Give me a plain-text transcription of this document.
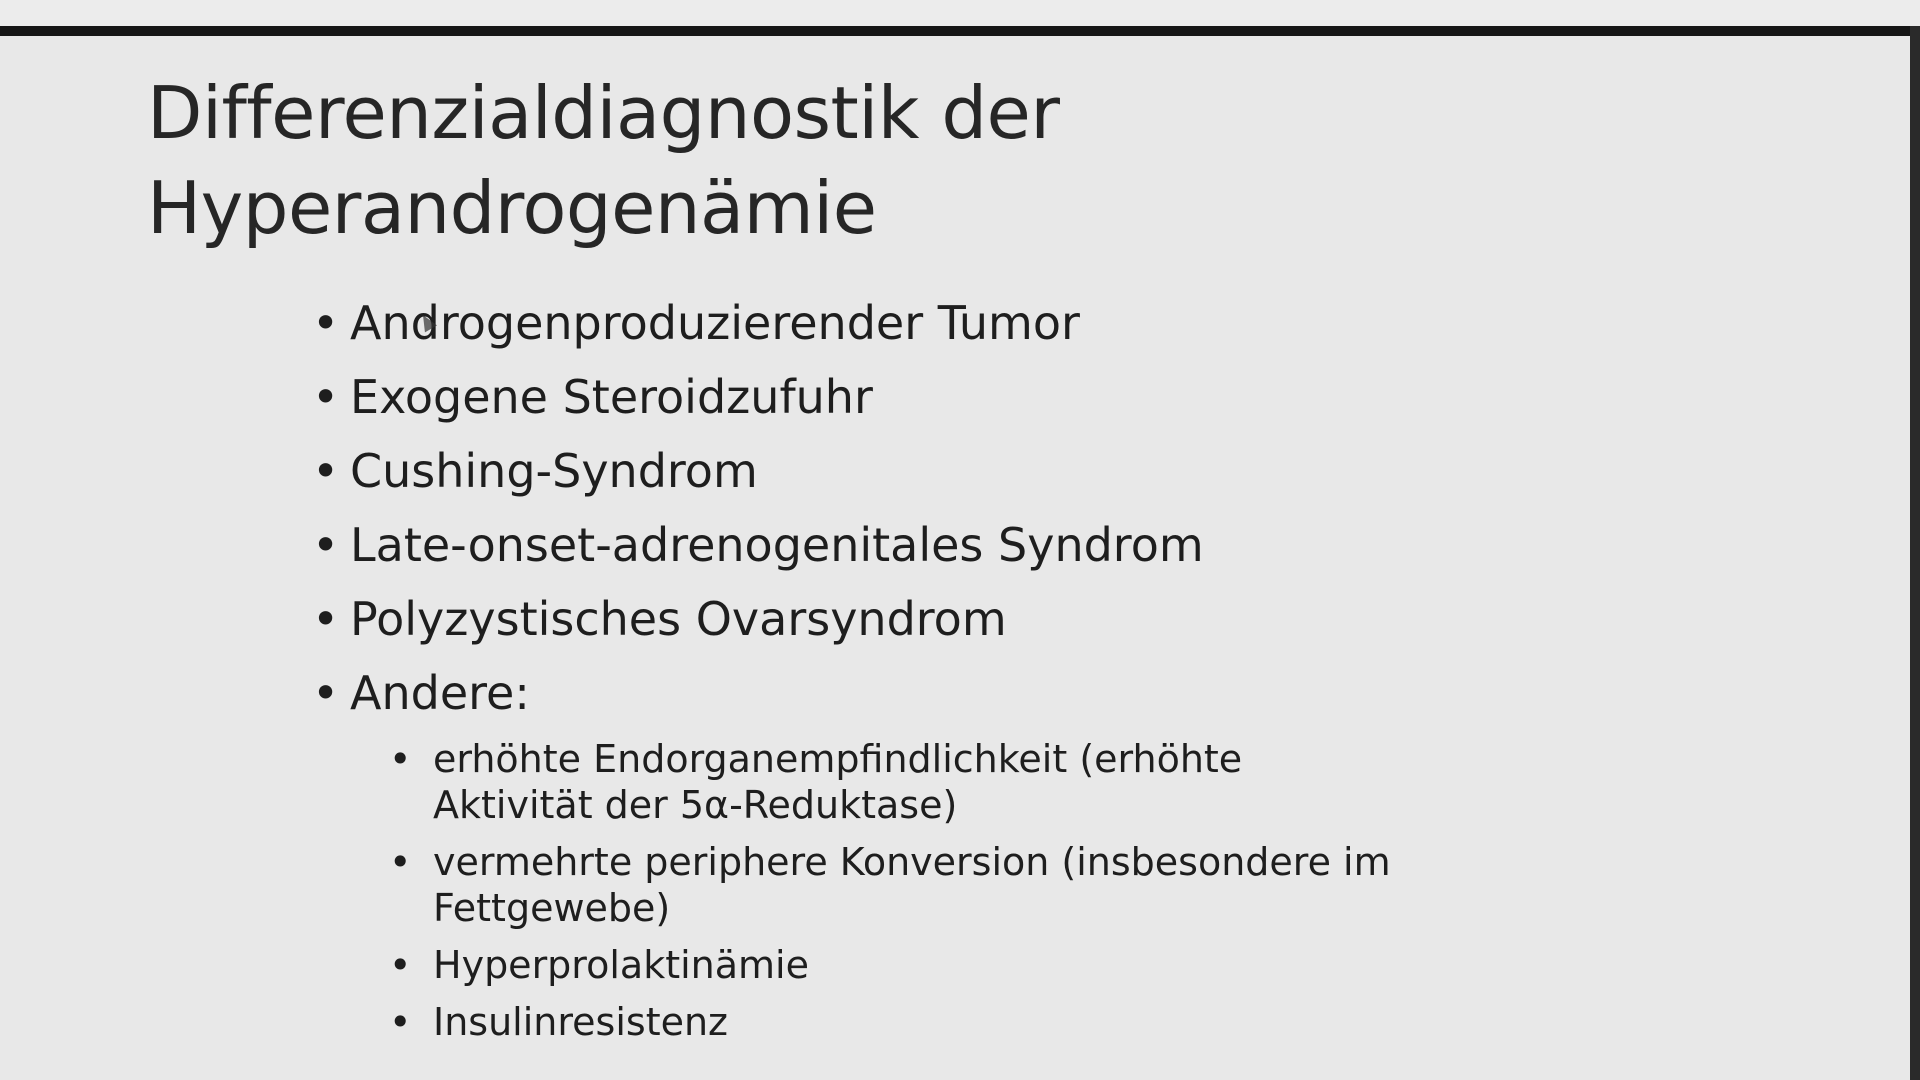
Differenzialdiagnostik der
Hyperandrogenämie
• Androgenproduzierender Tumor
• Exogene Steroidzufuhr
• Cushing-Syndrom
• Late-onset-adrenogenitales Syndrom
• Polyzystisches Ovarsyndrom
• Andere:
• erhöhte Endorganempfindlichkeit (erhöhte
Aktivität der 5α-Reduktase)
• vermehrte periphere Konversion (insbesondere im
Fettgewebe)
• Hyperprolaktinämie
• Insulinresistenz
